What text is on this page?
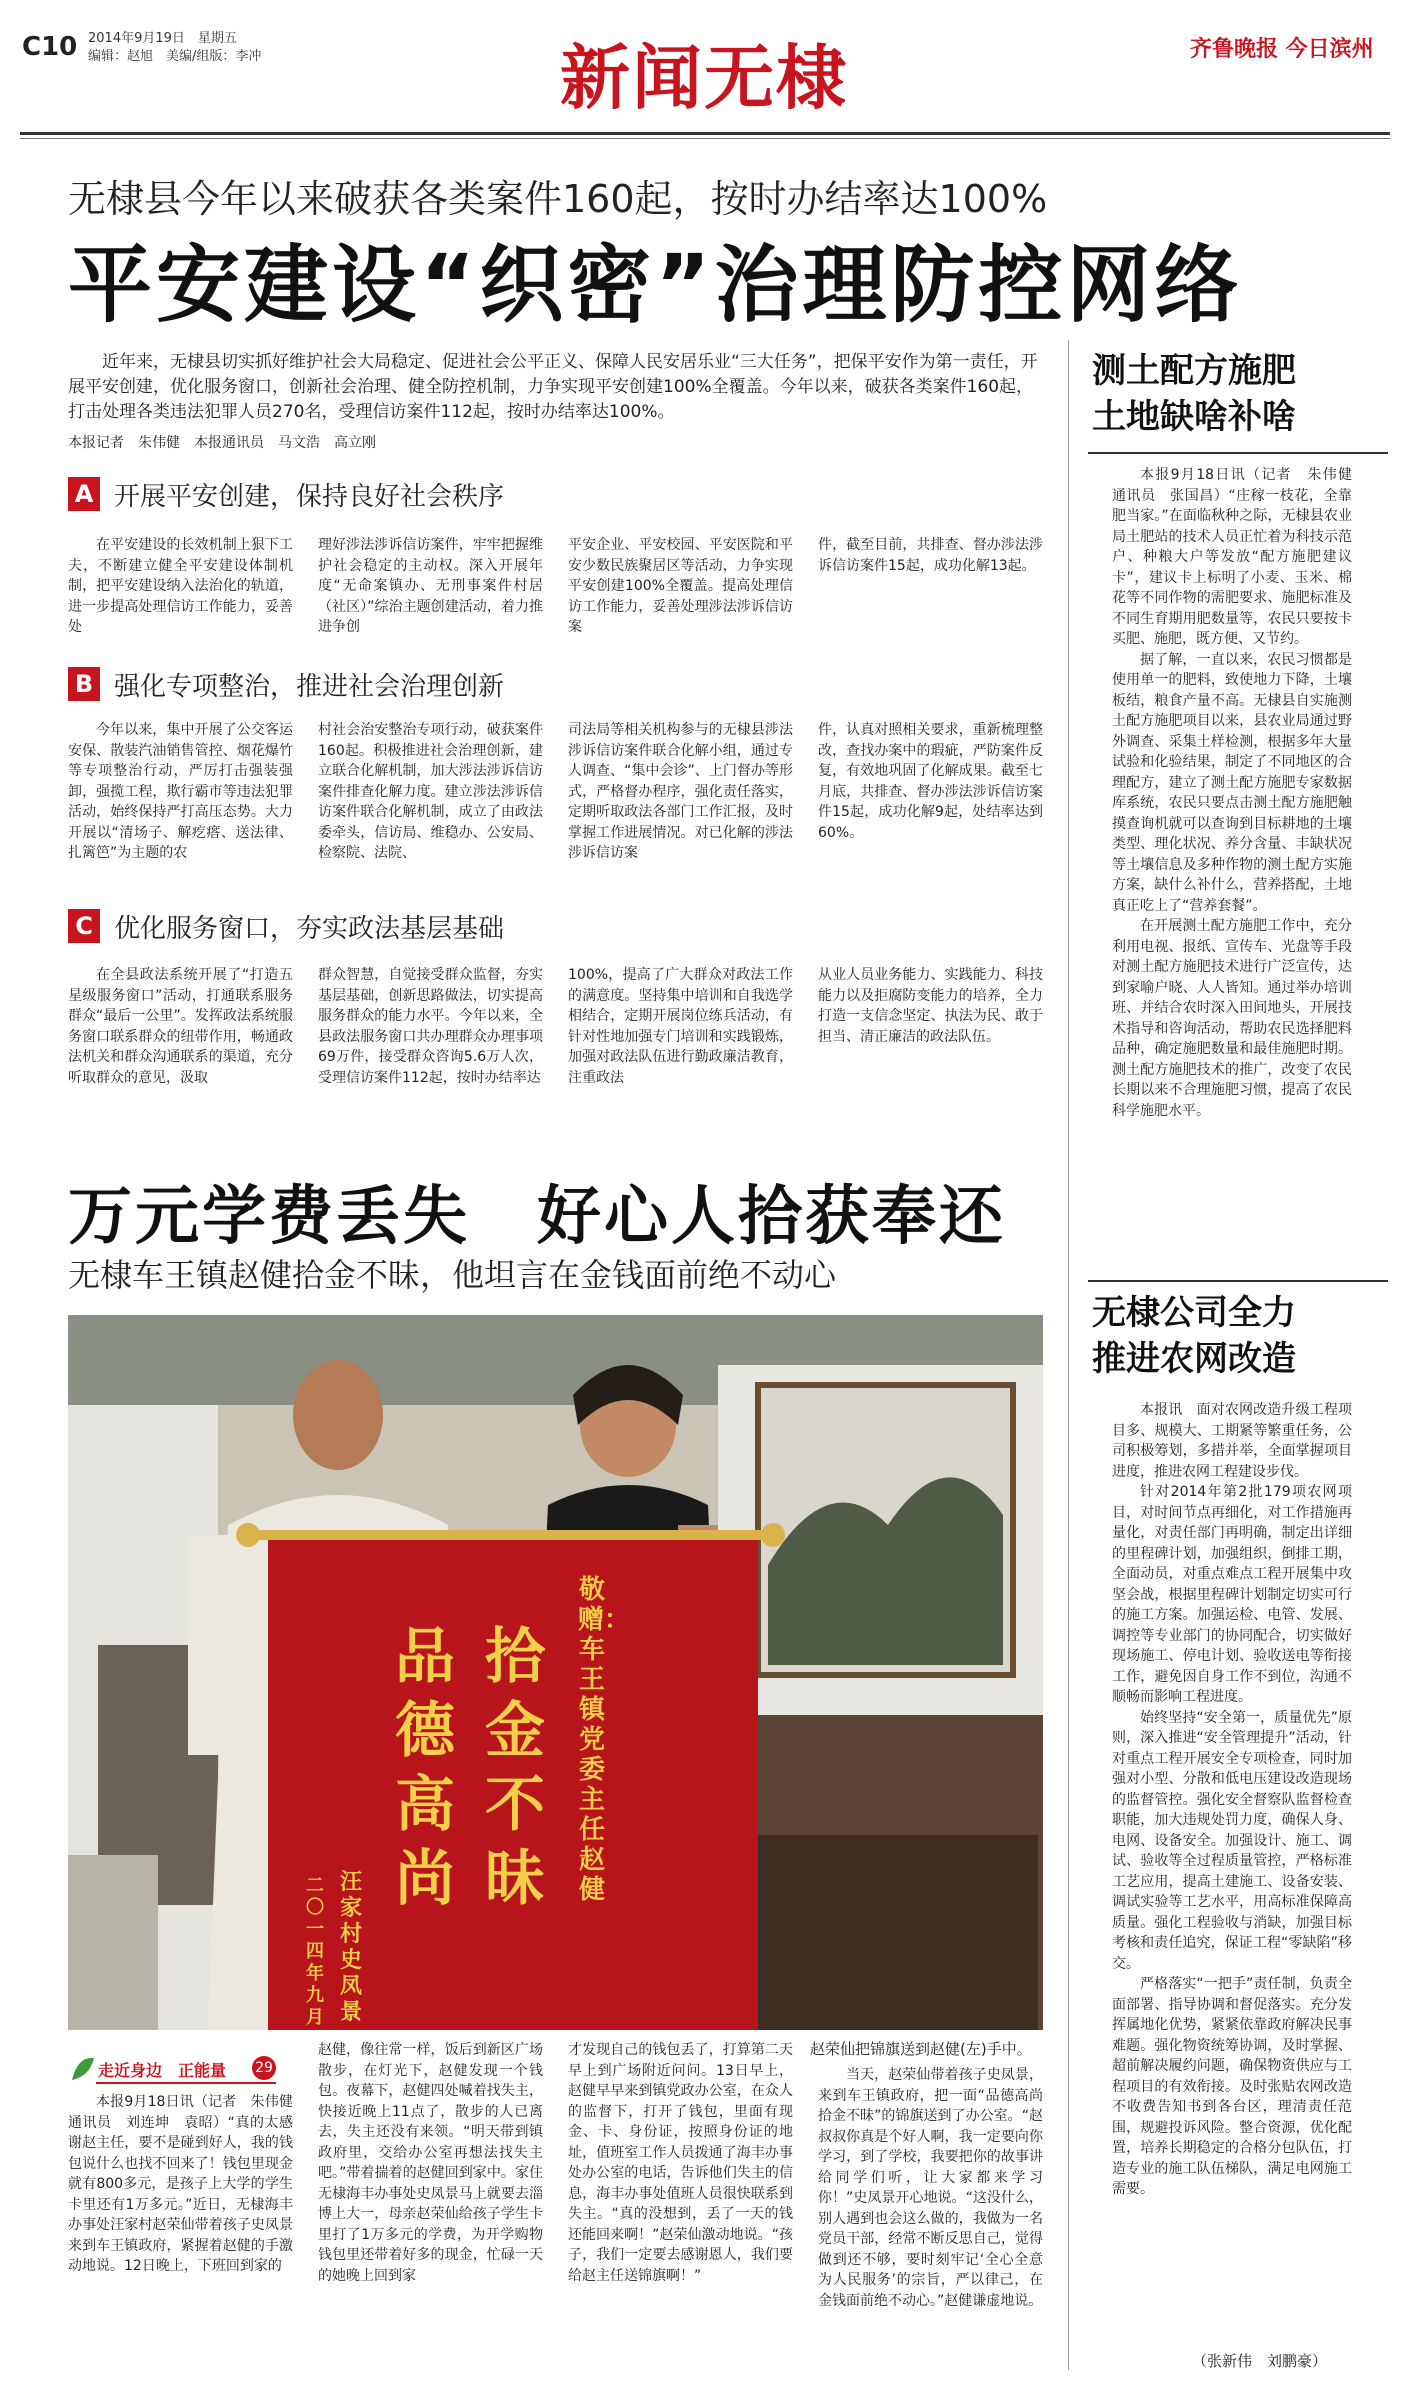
C10 2014年9月19日　星期五
编辑：赵旭　美编/组版：李冲	新闻无棣	齐鲁晚报 今日滨州
无棣县今年以来破获各类案件160起，按时办结率达100%
平安建设“织密”治理防控网络
近年来，无棣县切实抓好维护社会大局稳定、促进社会公平正义、保障人民安居乐业“三大任务”，把保平安作为第一责任，开展平安创建，优化服务窗口，创新社会治理、健全防控机制，力争实现平安创建100%全覆盖。今年以来，破获各类案件160起，打击处理各类违法犯罪人员270名，受理信访案件112起，按时办结率达100%。
本报记者　朱伟健　本报通讯员　马文浩　高立刚
A 开展平安创建，保持良好社会秩序

在平安建设的长效机制上狠下工夫，不断建立健全平安建设体制机制，把平安建设纳入法治化的轨道，进一步提高处理信访工作能力，妥善处

理好涉法涉诉信访案件，牢牢把握维护社会稳定的主动权。深入开展年度“无命案镇办、无刑事案件村居（社区）”综治主题创建活动，着力推进争创

平安企业、平安校园、平安医院和平安少数民族聚居区等活动，力争实现平安创建100%全覆盖。提高处理信访工作能力，妥善处理涉法涉诉信访案

件，截至目前，共排查、督办涉法涉诉信访案件15起，成功化解13起。

B 强化专项整治，推进社会治理创新

今年以来，集中开展了公交客运安保、散装汽油销售管控、烟花爆竹等专项整治行动，严厉打击强装强卸，强揽工程，欺行霸市等违法犯罪活动，始终保持严打高压态势。大力开展以“清场子、解疙瘩、送法律、扎篱笆”为主题的农

村社会治安整治专项行动，破获案件160起。积极推进社会治理创新，建立联合化解机制，加大涉法涉诉信访案件排查化解力度。建立涉法涉诉信访案件联合化解机制，成立了由政法委牵头，信访局、维稳办、公安局、检察院、法院、

司法局等相关机构参与的无棣县涉法涉诉信访案件联合化解小组，通过专人调查、“集中会诊”、上门督办等形式，严格督办程序，强化责任落实，定期听取政法各部门工作汇报，及时掌握工作进展情况。对已化解的涉法涉诉信访案

件，认真对照相关要求，重新梳理整改，查找办案中的瑕疵，严防案件反复，有效地巩固了化解成果。截至七月底，共排查、督办涉法涉诉信访案件15起，成功化解9起，处结率达到60%。

C 优化服务窗口，夯实政法基层基础

在全县政法系统开展了“打造五星级服务窗口”活动，打通联系服务群众“最后一公里”。发挥政法系统服务窗口联系群众的纽带作用，畅通政法机关和群众沟通联系的渠道，充分听取群众的意见，汲取

群众智慧，自觉接受群众监督，夯实基层基础，创新思路做法，切实提高服务群众的能力水平。今年以来，全县政法服务窗口共办理群众办理事项69万件，接受群众咨询5.6万人次，受理信访案件112起，按时办结率达

100%，提高了广大群众对政法工作的满意度。坚持集中培训和自我选学相结合，定期开展岗位练兵活动，有针对性地加强专门培训和实践锻炼，加强对政法队伍进行勤政廉洁教育，注重政法

从业人员业务能力、实践能力、科技能力以及拒腐防变能力的培养，全力打造一支信念坚定、执法为民、敢于担当、清正廉洁的政法队伍。

测土配方施肥
土地缺啥补啥

本报9月18日讯（记者　朱伟健　通讯员　张国昌）“庄稼一枝花，全靠肥当家。”在面临秋种之际，无棣县农业局土肥站的技术人员正忙着为科技示范户、种粮大户等发放“配方施肥建议卡”，建议卡上标明了小麦、玉米、棉花等不同作物的需肥要求、施肥标准及不同生育期用肥数量等，农民只要按卡买肥、施肥，既方便、又节约。

据了解，一直以来，农民习惯都是使用单一的肥料，致使地力下降，土壤板结，粮食产量不高。无棣县自实施测土配方施肥项目以来，县农业局通过野外调查、采集土样检测，根据多年大量试验和化验结果，制定了不同地区的合理配方，建立了测土配方施肥专家数据库系统，农民只要点击测土配方施肥触摸查询机就可以查询到目标耕地的土壤类型、理化状况、养分含量、丰缺状况等土壤信息及多种作物的测土配方实施方案，缺什么补什么，营养搭配，土地真正吃上了“营养套餐”。

在开展测土配方施肥工作中，充分利用电视、报纸、宣传车、光盘等手段对测土配方施肥技术进行广泛宣传，达到家喻户晓、人人皆知。通过举办培训班、并结合农时深入田间地头，开展技术指导和咨询活动，帮助农民选择肥料品种，确定施肥数量和最佳施肥时期。测土配方施肥技术的推广，改变了农民长期以来不合理施肥习惯，提高了农民科学施肥水平。

无棣公司全力
推进农网改造

本报讯　面对农网改造升级工程项目多、规模大、工期紧等繁重任务，公司积极筹划，多措并举，全面掌握项目进度，推进农网工程建设步伐。

针对2014年第2批179项农网项目，对时间节点再细化，对工作措施再量化，对责任部门再明确，制定出详细的里程碑计划，加强组织，倒排工期，全面动员，对重点难点工程开展集中攻坚会战，根据里程碑计划制定切实可行的施工方案。加强运检、电管、发展、调控等专业部门的协同配合，切实做好现场施工、停电计划、验收送电等衔接工作，避免因自身工作不到位，沟通不顺畅而影响工程进度。

始终坚持“安全第一，质量优先”原则，深入推进“安全管理提升”活动，针对重点工程开展安全专项检查，同时加强对小型、分散和低电压建设改造现场的监督管控。强化安全督察队监督检查职能，加大违规处罚力度，确保人身、电网、设备安全。加强设计、施工、调试、验收等全过程质量管控，严格标准工艺应用，提高土建施工、设备安装、调试实验等工艺水平，用高标准保障高质量。强化工程验收与消缺，加强目标考核和责任追究，保证工程“零缺陷”移交。

严格落实“一把手”责任制，负责全面部署、指导协调和督促落实。充分发挥属地化优势，紧紧依靠政府解决民事难题。强化物资统筹协调，及时掌握、超前解决履约问题，确保物资供应与工程项目的有效衔接。及时张贴农网改造不收费告知书到各台区，理清责任范围，规避投诉风险。整合资源，优化配置，培养长期稳定的合格分包队伍，打造专业的施工队伍梯队，满足电网施工需要。

（张新伟　刘鹏豪）
万元学费丢失　好心人拾获奉还
无棣车王镇赵健拾金不昧，他坦言在金钱面前绝不动心
敬赠：车王镇党委主任赵健
拾金不昧
品德高尚
汪家村史凤景
二〇一四年九月
赵荣仙把锦旗送到赵健(左)手中。
走近身边　正能量 29

本报9月18日讯（记者　朱伟健　通讯员　刘连坤　袁昭）“真的太感谢赵主任，要不是碰到好人，我的钱包说什么也找不回来了！钱包里现金就有800多元，是孩子上大学的学生卡里还有1万多元。”近日，无棣海丰办事处汪家村赵荣仙带着孩子史凤景来到车王镇政府，紧握着赵健的手激动地说。12日晚上，下班回到家的

赵健，像往常一样，饭后到新区广场散步，在灯光下，赵健发现一个钱包。夜幕下，赵健四处喊着找失主，快接近晚上11点了，散步的人已离去，失主还没有来领。“明天带到镇政府里，交给办公室再想法找失主吧。”带着揣着的赵健回到家中。家住无棣海丰办事处史凤景马上就要去淄博上大一，母亲赵荣仙给孩子学生卡里打了1万多元的学费，为开学购物钱包里还带着好多的现金，忙碌一天的她晚上回到家

才发现自己的钱包丢了，打算第二天早上到广场附近问问。13日早上，赵健早早来到镇党政办公室，在众人的监督下，打开了钱包，里面有现金、卡、身份证，按照身份证的地址，值班室工作人员拨通了海丰办事处办公室的电话，告诉他们失主的信息，海丰办事处值班人员很快联系到失主。“真的没想到，丢了一天的钱还能回来啊！”赵荣仙激动地说。“孩子，我们一定要去感谢恩人，我们要给赵主任送锦旗啊！”

当天，赵荣仙带着孩子史凤景，来到车王镇政府，把一面“品德高尚　拾金不昧”的锦旗送到了办公室。“赵叔叔你真是个好人啊，我一定要向你学习，到了学校，我要把你的故事讲给同学们听，让大家都来学习你！”史凤景开心地说。“这没什么，别人遇到也会这么做的，我做为一名党员干部，经常不断反思自己，觉得做到还不够，要时刻牢记‘全心全意为人民服务’的宗旨，严以律己，在金钱面前绝不动心。”赵健谦虚地说。
